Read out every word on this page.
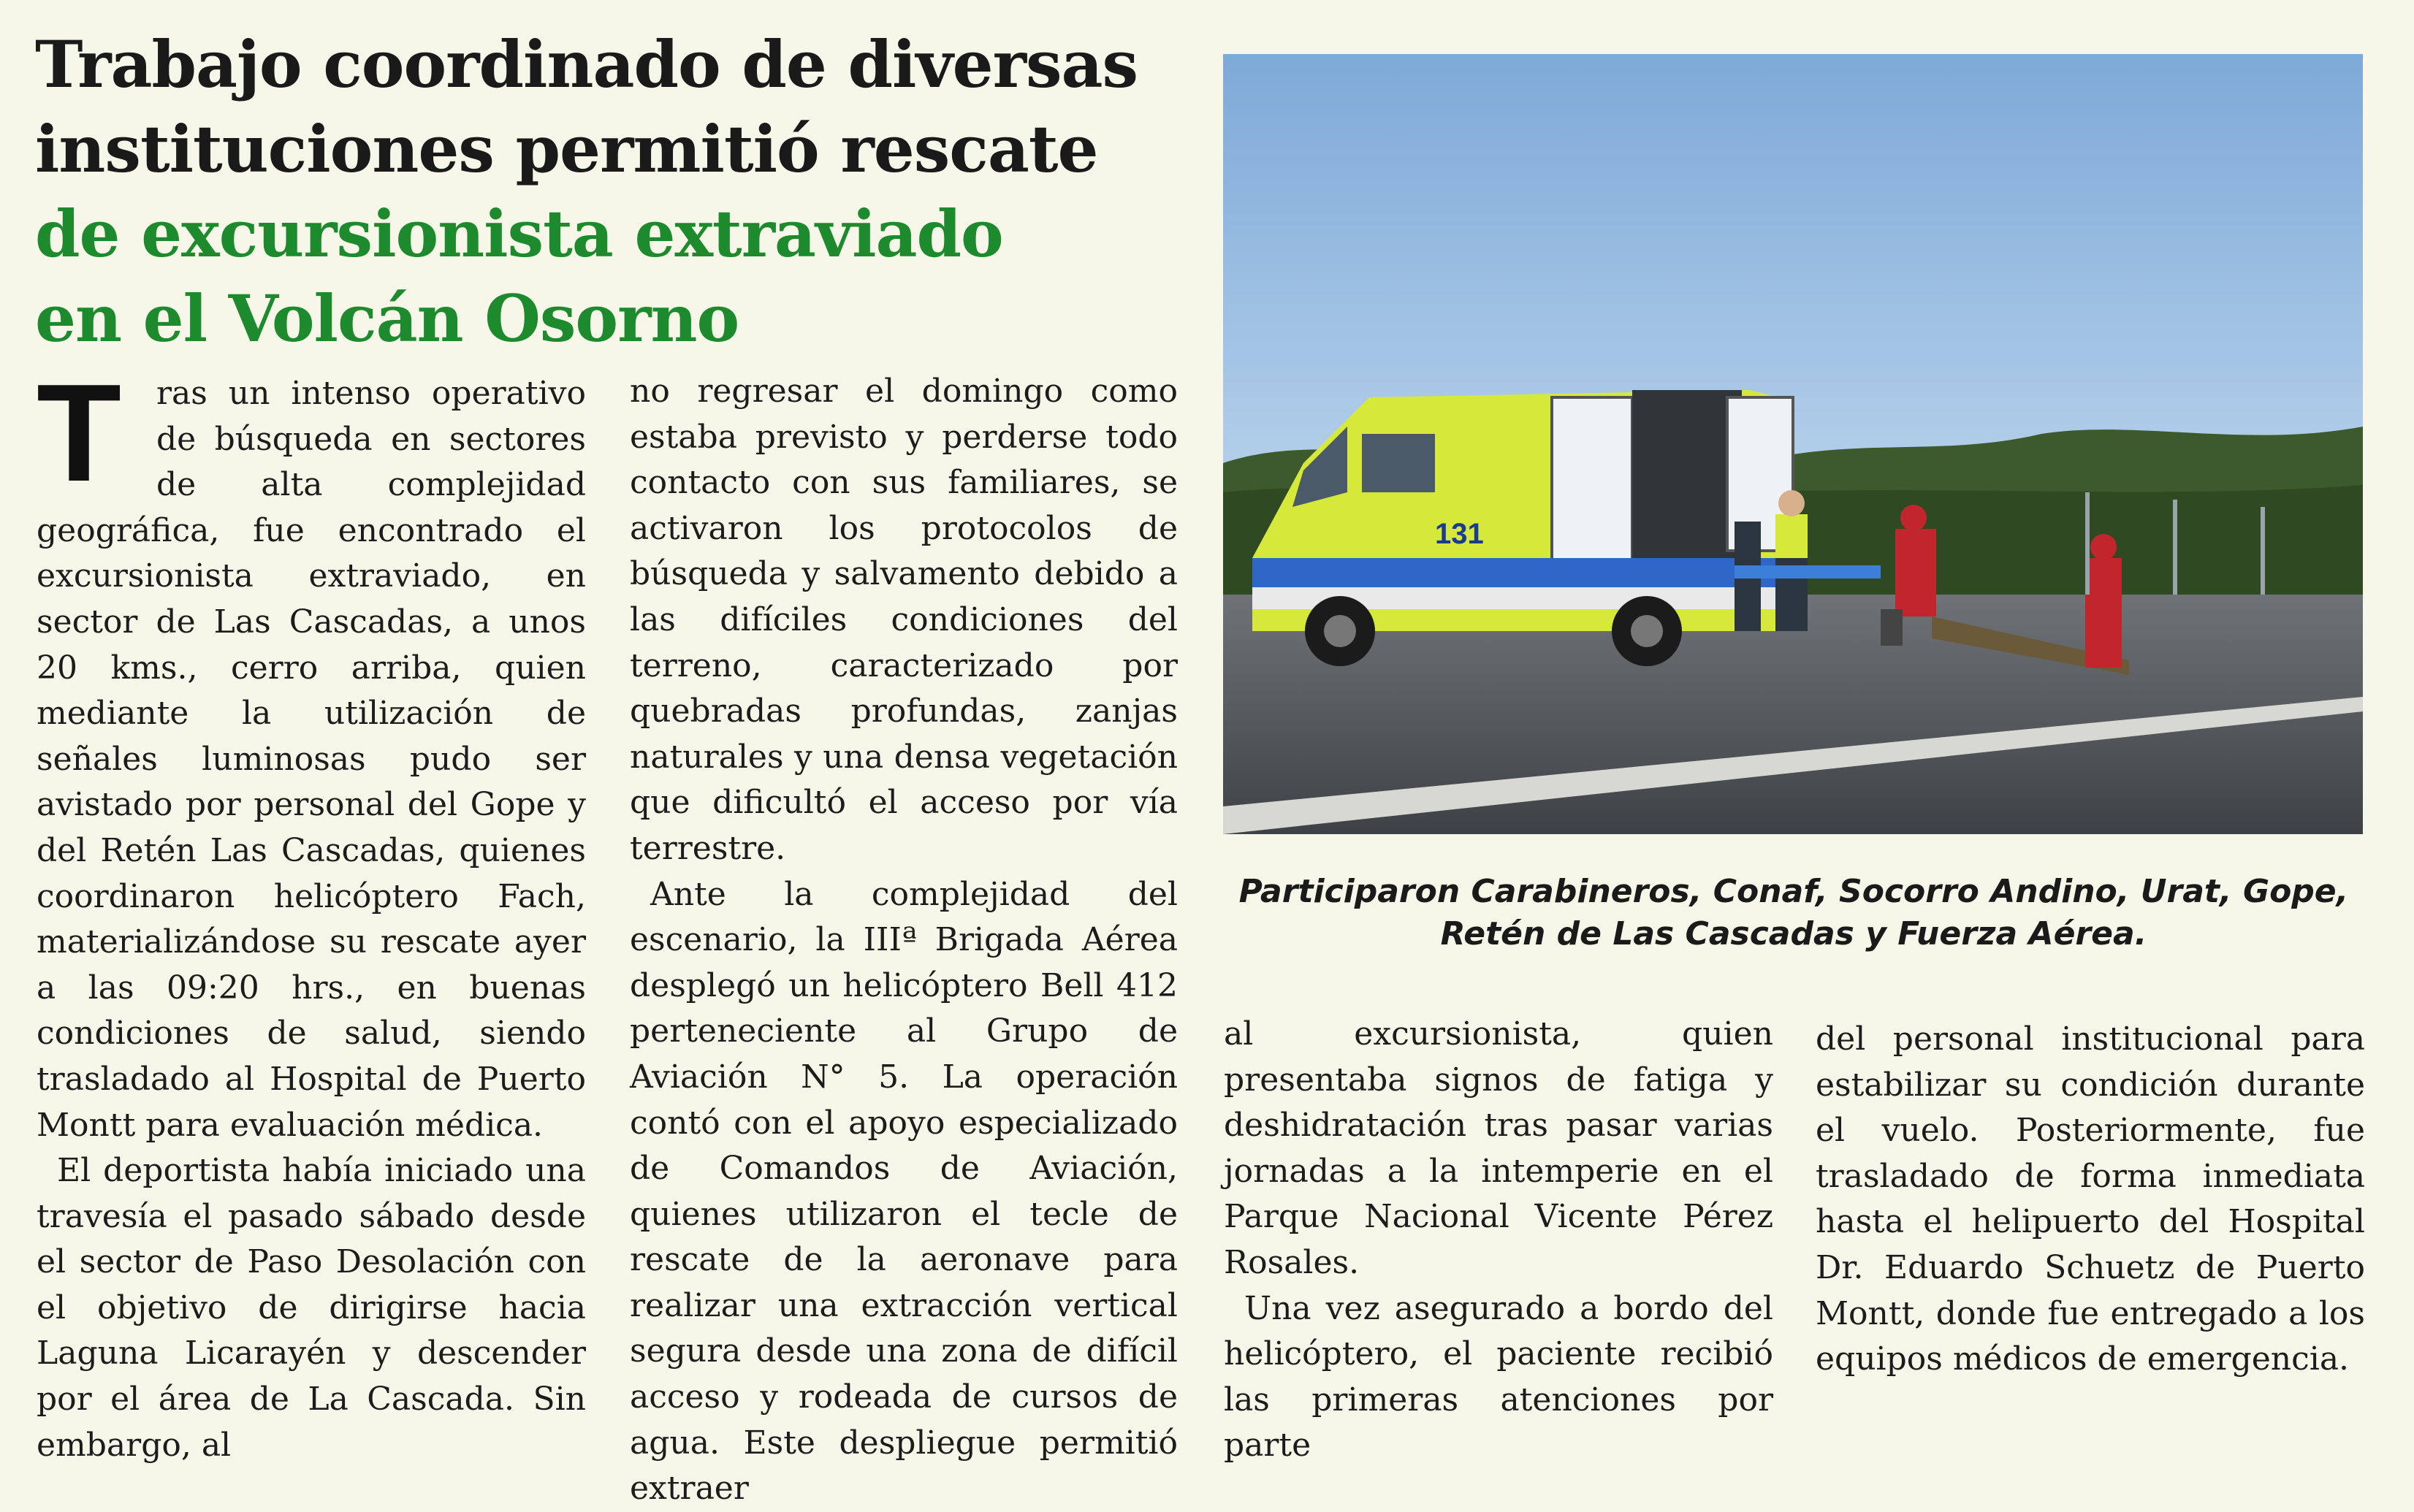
Trabajo coordinado de diversas
instituciones permitió rescate
de excursionista extraviado
en el Volcán Osorno

T ras un intenso operativo de búsqueda en sectores de alta complejidad geográfica, fue encontrado el excursionista extraviado, en sector de Las Cascadas, a unos 20 kms., cerro arriba, quien mediante la utilización de señales luminosas pudo ser avistado por personal del Gope y del Retén Las Cascadas, quienes coordinaron helicóptero Fach, materializándose su rescate ayer a las 09:20 hrs., en buenas condiciones de salud, siendo trasladado al Hospital de Puerto Montt para evaluación médica.

El deportista había iniciado una travesía el pasado sábado desde el sector de Paso Desolación con el objetivo de dirigirse hacia Laguna Licarayén y descender por el área de La Cascada. Sin embargo, al

no regresar el domingo como estaba previsto y perderse todo contacto con sus familiares, se activaron los protocolos de búsqueda y salvamento debido a las difíciles condiciones del terreno, caracterizado por quebradas profundas, zanjas naturales y una densa vegetación que dificultó el acceso por vía terrestre.

Ante la complejidad del escenario, la IIIª Brigada Aérea desplegó un helicóptero Bell 412 perteneciente al Grupo de Aviación N° 5. La operación contó con el apoyo especializado de Comandos de Aviación, quienes utilizaron el tecle de rescate de la aeronave para realizar una extracción vertical segura desde una zona de difícil acceso y rodeada de cursos de agua. Este despliegue permitió extraer

131
Participaron Carabineros, Conaf, Socorro Andino, Urat, Gope,
Retén de Las Cascadas y Fuerza Aérea.

al excursionista, quien presentaba signos de fatiga y deshidratación tras pasar varias jornadas a la intemperie en el Parque Nacional Vicente Pérez Rosales.

Una vez asegurado a bordo del helicóptero, el paciente recibió las primeras atenciones por parte

del personal institucional para estabilizar su condición durante el vuelo. Posteriormente, fue trasladado de forma inmediata hasta el helipuerto del Hospital Dr. Eduardo Schuetz de Puerto Montt, donde fue entregado a los equipos médicos de emergencia.
